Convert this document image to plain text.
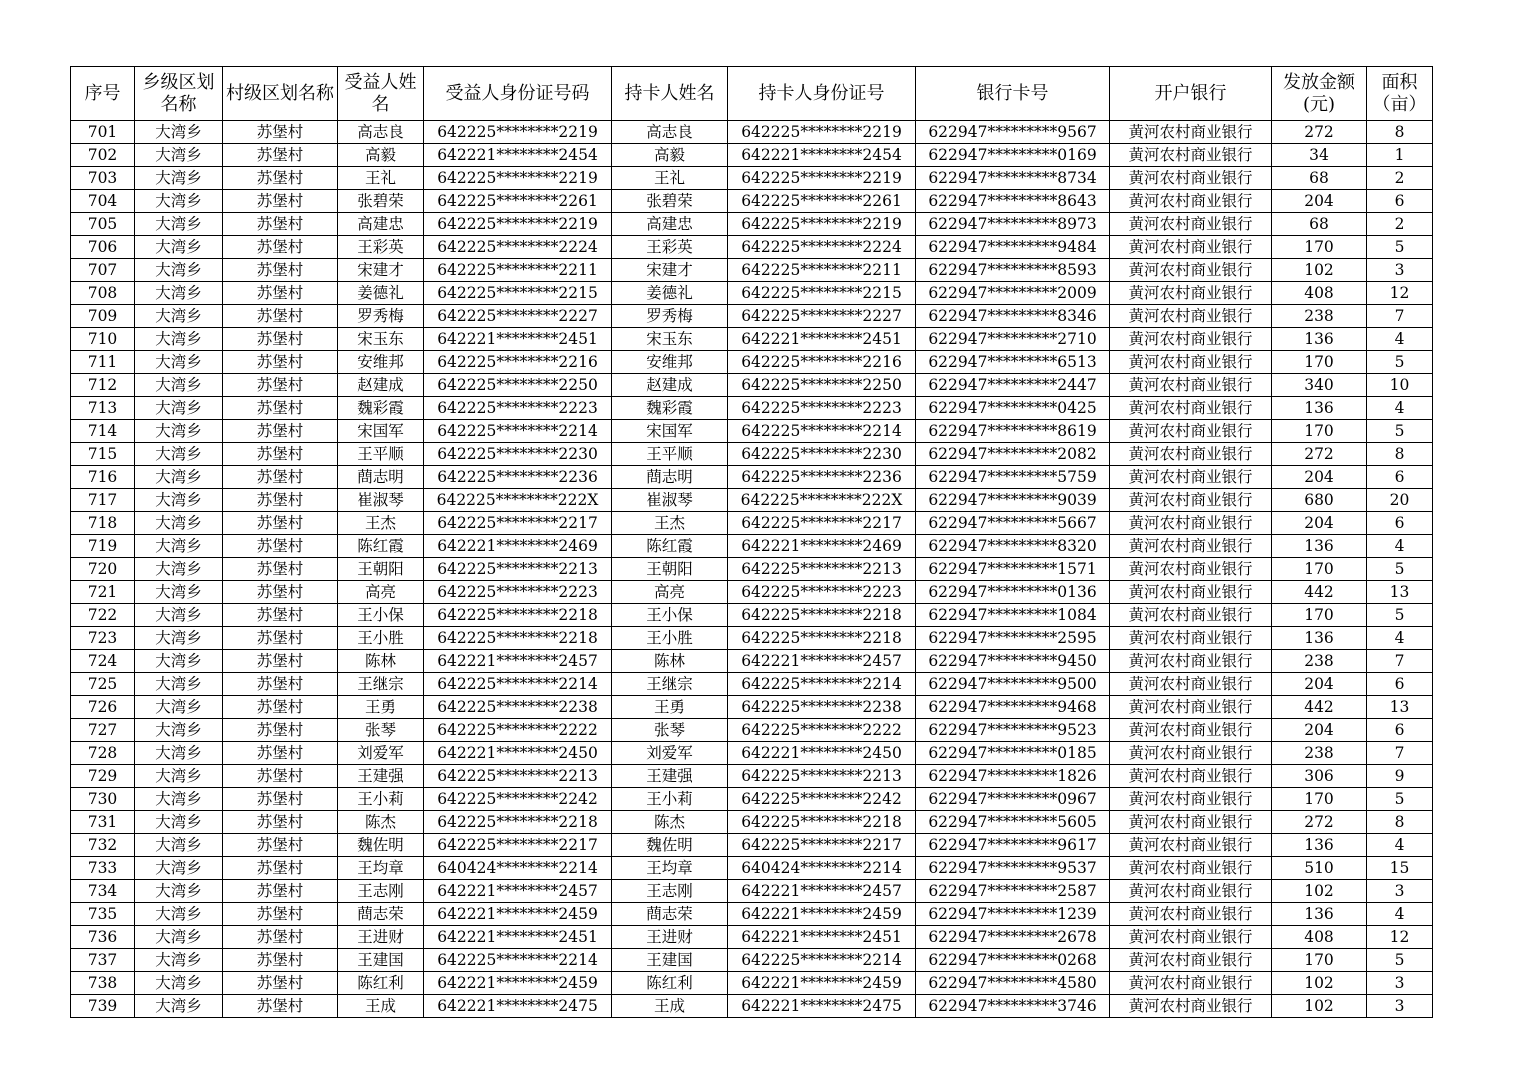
序号	乡级区划名称	村级区划名称	受益人姓名	受益人身份证号码	持卡人姓名	持卡人身份证号	银行卡号	开户银行	发放金额(元)	面积（亩）
701	大湾乡	苏堡村	高志良	642225********2219	高志良	642225********2219	622947*********9567	黄河农村商业银行	272	8
702	大湾乡	苏堡村	高毅	642221********2454	高毅	642221********2454	622947*********0169	黄河农村商业银行	34	1
703	大湾乡	苏堡村	王礼	642225********2219	王礼	642225********2219	622947*********8734	黄河农村商业银行	68	2
704	大湾乡	苏堡村	张碧荣	642225********2261	张碧荣	642225********2261	622947*********8643	黄河农村商业银行	204	6
705	大湾乡	苏堡村	高建忠	642225********2219	高建忠	642225********2219	622947*********8973	黄河农村商业银行	68	2
706	大湾乡	苏堡村	王彩英	642225********2224	王彩英	642225********2224	622947*********9484	黄河农村商业银行	170	5
707	大湾乡	苏堡村	宋建才	642225********2211	宋建才	642225********2211	622947*********8593	黄河农村商业银行	102	3
708	大湾乡	苏堡村	姜德礼	642225********2215	姜德礼	642225********2215	622947*********2009	黄河农村商业银行	408	12
709	大湾乡	苏堡村	罗秀梅	642225********2227	罗秀梅	642225********2227	622947*********8346	黄河农村商业银行	238	7
710	大湾乡	苏堡村	宋玉东	642221********2451	宋玉东	642221********2451	622947*********2710	黄河农村商业银行	136	4
711	大湾乡	苏堡村	安维邦	642225********2216	安维邦	642225********2216	622947*********6513	黄河农村商业银行	170	5
712	大湾乡	苏堡村	赵建成	642225********2250	赵建成	642225********2250	622947*********2447	黄河农村商业银行	340	10
713	大湾乡	苏堡村	魏彩霞	642225********2223	魏彩霞	642225********2223	622947*********0425	黄河农村商业银行	136	4
714	大湾乡	苏堡村	宋国军	642225********2214	宋国军	642225********2214	622947*********8619	黄河农村商业银行	170	5
715	大湾乡	苏堡村	王平顺	642225********2230	王平顺	642225********2230	622947*********2082	黄河农村商业银行	272	8
716	大湾乡	苏堡村	蔄志明	642225********2236	蔄志明	642225********2236	622947*********5759	黄河农村商业银行	204	6
717	大湾乡	苏堡村	崔淑琴	642225********222X	崔淑琴	642225********222X	622947*********9039	黄河农村商业银行	680	20
718	大湾乡	苏堡村	王杰	642225********2217	王杰	642225********2217	622947*********5667	黄河农村商业银行	204	6
719	大湾乡	苏堡村	陈红霞	642221********2469	陈红霞	642221********2469	622947*********8320	黄河农村商业银行	136	4
720	大湾乡	苏堡村	王朝阳	642225********2213	王朝阳	642225********2213	622947*********1571	黄河农村商业银行	170	5
721	大湾乡	苏堡村	高亮	642225********2223	高亮	642225********2223	622947*********0136	黄河农村商业银行	442	13
722	大湾乡	苏堡村	王小保	642225********2218	王小保	642225********2218	622947*********1084	黄河农村商业银行	170	5
723	大湾乡	苏堡村	王小胜	642225********2218	王小胜	642225********2218	622947*********2595	黄河农村商业银行	136	4
724	大湾乡	苏堡村	陈林	642221********2457	陈林	642221********2457	622947*********9450	黄河农村商业银行	238	7
725	大湾乡	苏堡村	王继宗	642225********2214	王继宗	642225********2214	622947*********9500	黄河农村商业银行	204	6
726	大湾乡	苏堡村	王勇	642225********2238	王勇	642225********2238	622947*********9468	黄河农村商业银行	442	13
727	大湾乡	苏堡村	张琴	642225********2222	张琴	642225********2222	622947*********9523	黄河农村商业银行	204	6
728	大湾乡	苏堡村	刘爱军	642221********2450	刘爱军	642221********2450	622947*********0185	黄河农村商业银行	238	7
729	大湾乡	苏堡村	王建强	642225********2213	王建强	642225********2213	622947*********1826	黄河农村商业银行	306	9
730	大湾乡	苏堡村	王小莉	642225********2242	王小莉	642225********2242	622947*********0967	黄河农村商业银行	170	5
731	大湾乡	苏堡村	陈杰	642225********2218	陈杰	642225********2218	622947*********5605	黄河农村商业银行	272	8
732	大湾乡	苏堡村	魏佐明	642225********2217	魏佐明	642225********2217	622947*********9617	黄河农村商业银行	136	4
733	大湾乡	苏堡村	王均章	640424********2214	王均章	640424********2214	622947*********9537	黄河农村商业银行	510	15
734	大湾乡	苏堡村	王志刚	642221********2457	王志刚	642221********2457	622947*********2587	黄河农村商业银行	102	3
735	大湾乡	苏堡村	蔄志荣	642221********2459	蔄志荣	642221********2459	622947*********1239	黄河农村商业银行	136	4
736	大湾乡	苏堡村	王进财	642221********2451	王进财	642221********2451	622947*********2678	黄河农村商业银行	408	12
737	大湾乡	苏堡村	王建国	642225********2214	王建国	642225********2214	622947*********0268	黄河农村商业银行	170	5
738	大湾乡	苏堡村	陈红利	642221********2459	陈红利	642221********2459	622947*********4580	黄河农村商业银行	102	3
739	大湾乡	苏堡村	王成	642221********2475	王成	642221********2475	622947*********3746	黄河农村商业银行	102	3
